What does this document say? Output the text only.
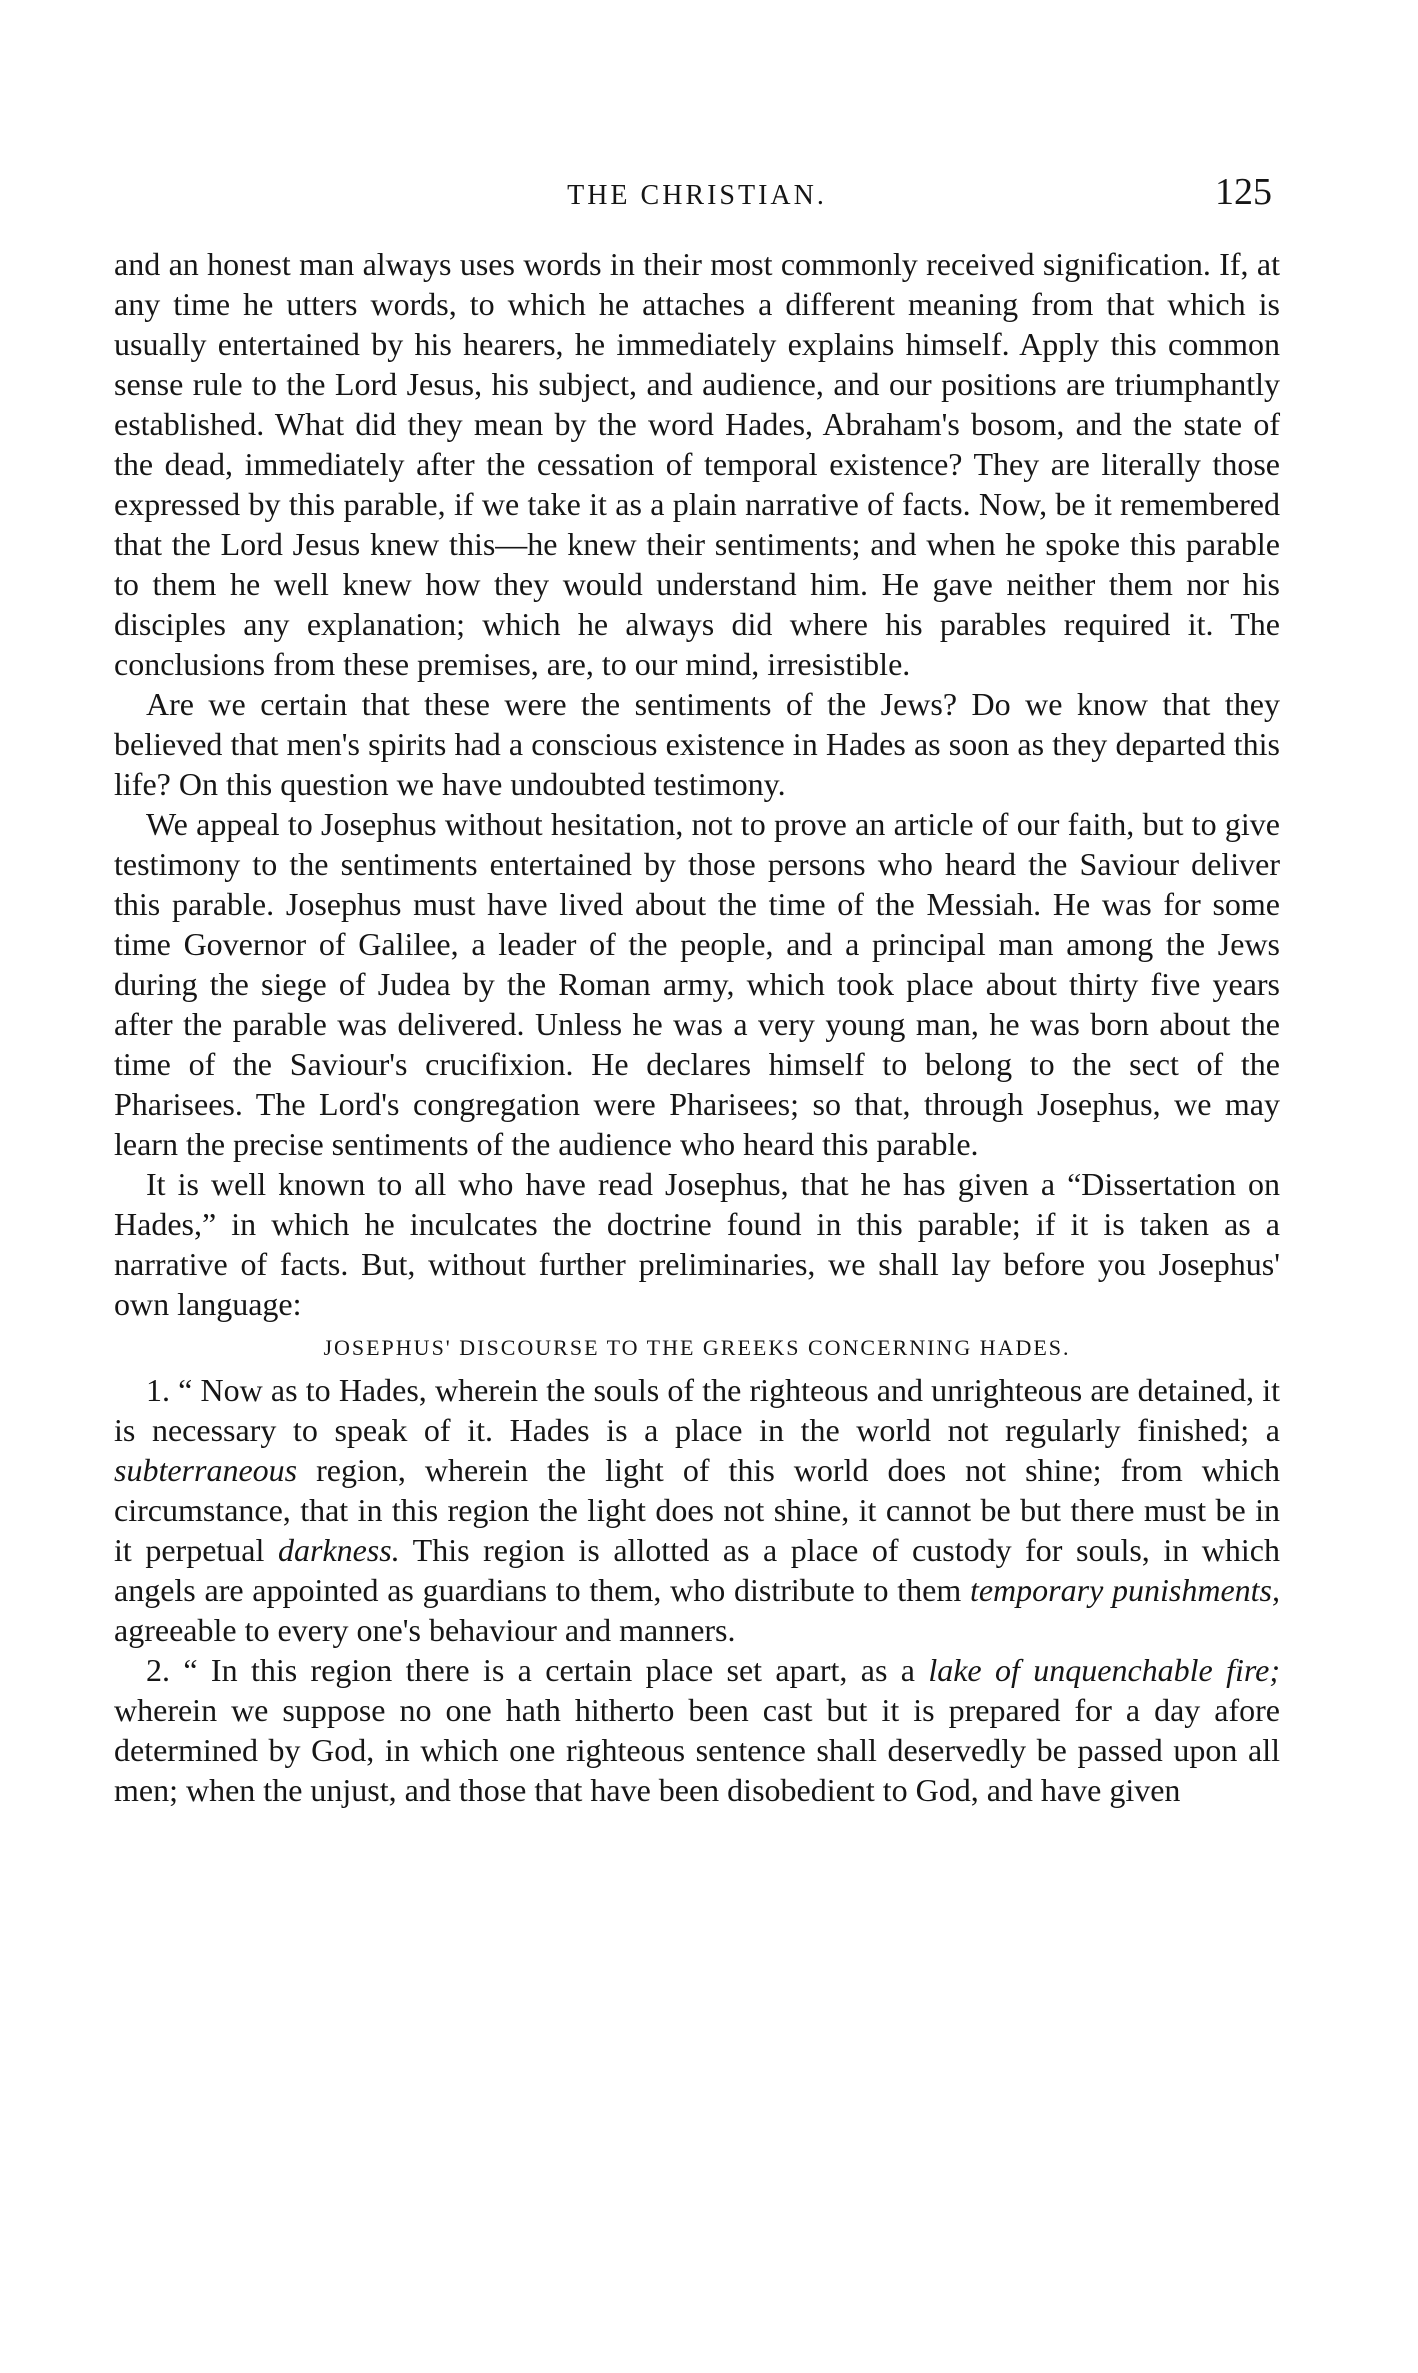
THE CHRISTIAN.	125

and an honest man always uses words in their most commonly received signification. If, at any time he utters words, to which he attaches a different meaning from that which is usually entertained by his hearers, he immediately explains himself. Apply this common sense rule to the Lord Jesus, his subject, and audience, and our positions are triumphantly established. What did they mean by the word Hades, Abraham's bosom, and the state of the dead, immediately after the cessation of temporal existence? They are literally those expressed by this parable, if we take it as a plain narrative of facts. Now, be it remembered that the Lord Jesus knew this—he knew their sentiments; and when he spoke this parable to them he well knew how they would understand him. He gave neither them nor his disciples any explanation; which he always did where his parables required it. The conclusions from these premises, are, to our mind, irresistible.

Are we certain that these were the sentiments of the Jews? Do we know that they believed that men's spirits had a conscious existence in Hades as soon as they departed this life? On this question we have undoubted testimony.

We appeal to Josephus without hesitation, not to prove an article of our faith, but to give testimony to the sentiments entertained by those persons who heard the Saviour deliver this parable. Josephus must have lived about the time of the Messiah. He was for some time Governor of Galilee, a leader of the people, and a principal man among the Jews during the siege of Judea by the Roman army, which took place about thirty five years after the parable was delivered. Unless he was a very young man, he was born about the time of the Saviour's crucifixion. He declares himself to belong to the sect of the Pharisees. The Lord's congregation were Pharisees; so that, through Josephus, we may learn the precise sentiments of the audience who heard this parable.

It is well known to all who have read Josephus, that he has given a “Dissertation on Hades,” in which he inculcates the doctrine found in this parable; if it is taken as a narrative of facts. But, without further preliminaries, we shall lay before you Josephus' own language:

JOSEPHUS' DISCOURSE TO THE GREEKS CONCERNING HADES.

1. “ Now as to Hades, wherein the souls of the righteous and unrighteous are detained, it is necessary to speak of it. Hades is a place in the world not regularly finished; a subterraneous region, wherein the light of this world does not shine; from which circumstance, that in this region the light does not shine, it cannot be but there must be in it perpetual darkness. This region is allotted as a place of custody for souls, in which angels are appointed as guardians to them, who distribute to them temporary punishments, agreeable to every one's behaviour and manners.

2. “ In this region there is a certain place set apart, as a lake of unquenchable fire; wherein we suppose no one hath hitherto been cast but it is prepared for a day afore determined by God, in which one righteous sentence shall deservedly be passed upon all men; when the unjust, and those that have been disobedient to God, and have given
